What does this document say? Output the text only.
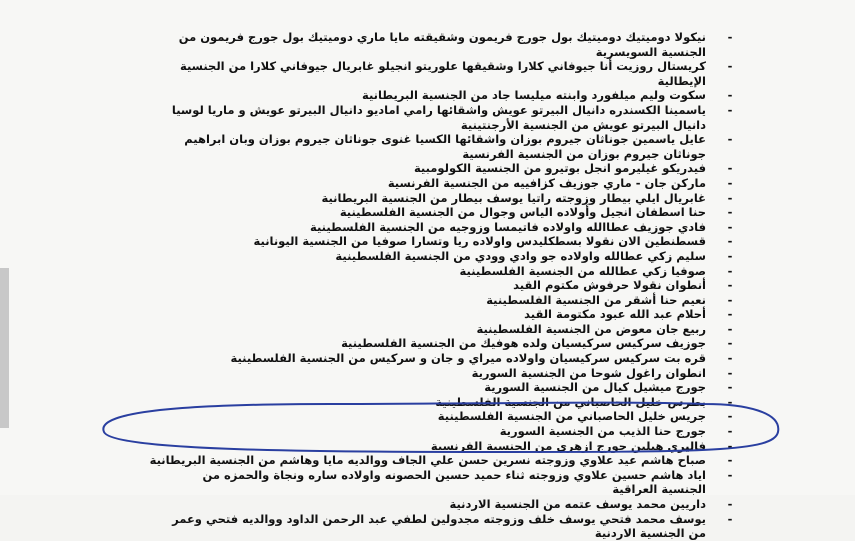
-
نيكولا دوميتيك دوميتيك بول جورج فريمون وشقيقته مايا ماري دوميتيك بول جورج فريمون من
الجنسية السويسرية
-
كريستال روزيت أنا جيوفاني كلارا وشقيقها علوريتو انجيلو غابريال جيوفاني كلارا من الجنسية
الإيطالية
-
سكوت وليم ميلفورد وابنته ميليسا جاد من الجنسية البريطانية
-
ياسمينا الكسندره دانيال البيرتو عويش واشقائها رامي اماديو دانيال البيرتو عويش و ماريا لوسيا
دانيال البيرتو عويش من الجنسية الأرجنتينية
-
عايل ياسمين جوناثان جيروم بوزان واشقائها الكسيا غنوى جوناثان جيروم بوزان وبان ابراهيم
جوناثان جيروم بوزان من الجنسية الفرنسية
-
فيدريكو غيليرمو انجل بوتيرو من الجنسية الكولومبية
-
ماركن جان - ماري جوزيف كزافييه من الجنسية الفرنسية
-
غابريال ايلي بيطار وزوجته راتيا يوسف بيطار من الجنسية البريطانية
-
حنا اسطفان انجيل وأولاده الياس وجوال من الجنسية الفلسطينية
-
فادي جوزيف عطاالله واولاده فاتيمسا وزوجيه من الجنسية الفلسطينية
-
قسطنطين الان نقولا بسطكليدس واولاده ريا وتسارا صوفيا من الجنسية اليونانية
-
سليم زكي عطالله واولاده جو وادي وودي من الجنسية الفلسطينية
-
صوفيا زكي عطالله من الجنسية الفلسطينية
-
أنطوان نقولا حرفوش مكتوم القيد
-
نعيم حنا أشقر من الجنسية الفلسطينية
-
أحلام عبد الله عبود مكتومة القيد
-
ربيع جان معوض من الجنسية الفلسطينية
-
جوزيف سركيس سركيسيان ولده هوفيك من الجنسية الفلسطينية
-
قره بت سركيس سركيسيان واولاده ميراي و جان و سركيس من الجنسية الفلسطينية
-
انطوان راغول شوحا من الجنسية السورية
-
جورج ميشيل كيال من الجنسية السورية
-
بطرس خليل الحاصباني من الجنسية الفلسطينية
-
جريس خليل الحاصباني من الجنسية الفلسطينية
-
جورج حنا الذيب من الجنسية السورية
-
فاليري هيلين جورج ازهري من الجنسية الفرنسية
-
صباح هاشم عيد علاوي وزوجته نسرين حسن علي الجاف ووالديه مايا وهاشم من الجنسية البريطانية
-
اياد هاشم حسين علاوي وزوجته ثناء حميد حسين الحصونه واولاده ساره ونجاة والحمزه من
الجنسية العراقية
-
داريين محمد يوسف عتمه من الجنسية الاردنية
-
يوسف محمد فتحي يوسف خلف وزوجته مجدولين لطفي عبد الرحمن الداود ووالديه فتحي وعمر
من الجنسية الاردنية
